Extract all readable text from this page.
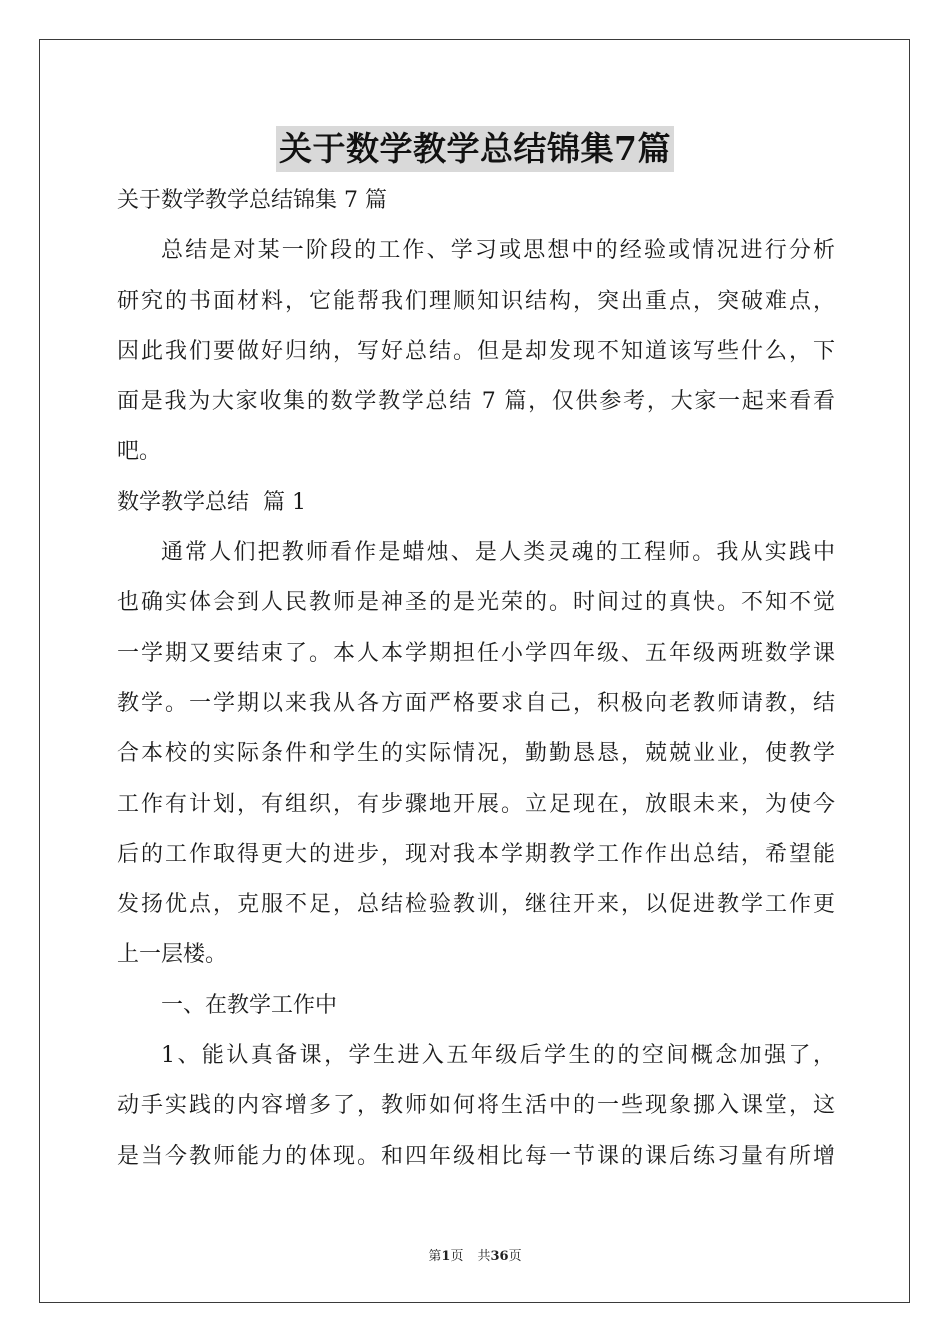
关于数学教学总结锦集7篇

关于数学教学总结锦集 7 篇

总结是对某一阶段的工作、学习或思想中的经验或情况进行分析

研究的书面材料，它能帮我们理顺知识结构，突出重点，突破难点，

因此我们要做好归纳，写好总结。但是却发现不知道该写些什么，下

面是我为大家收集的数学教学总结 7 篇，仅供参考，大家一起来看看

吧。

数学教学总结  篇 1

通常人们把教师看作是蜡烛、是人类灵魂的工程师。我从实践中

也确实体会到人民教师是神圣的是光荣的。时间过的真快。不知不觉

一学期又要结束了。本人本学期担任小学四年级、五年级两班数学课

教学。一学期以来我从各方面严格要求自己，积极向老教师请教，结

合本校的实际条件和学生的实际情况，勤勤恳恳，兢兢业业，使教学

工作有计划，有组织，有步骤地开展。立足现在，放眼未来，为使今

后的工作取得更大的进步，现对我本学期教学工作作出总结，希望能

发扬优点，克服不足，总结检验教训，继往开来，以促进教学工作更

上一层楼。

一、在教学工作中

1、能认真备课，学生进入五年级后学生的的空间概念加强了，

动手实践的内容增多了，教师如何将生活中的一些现象挪入课堂，这

是当今教师能力的体现。和四年级相比每一节课的课后练习量有所增

第1页 共36页
